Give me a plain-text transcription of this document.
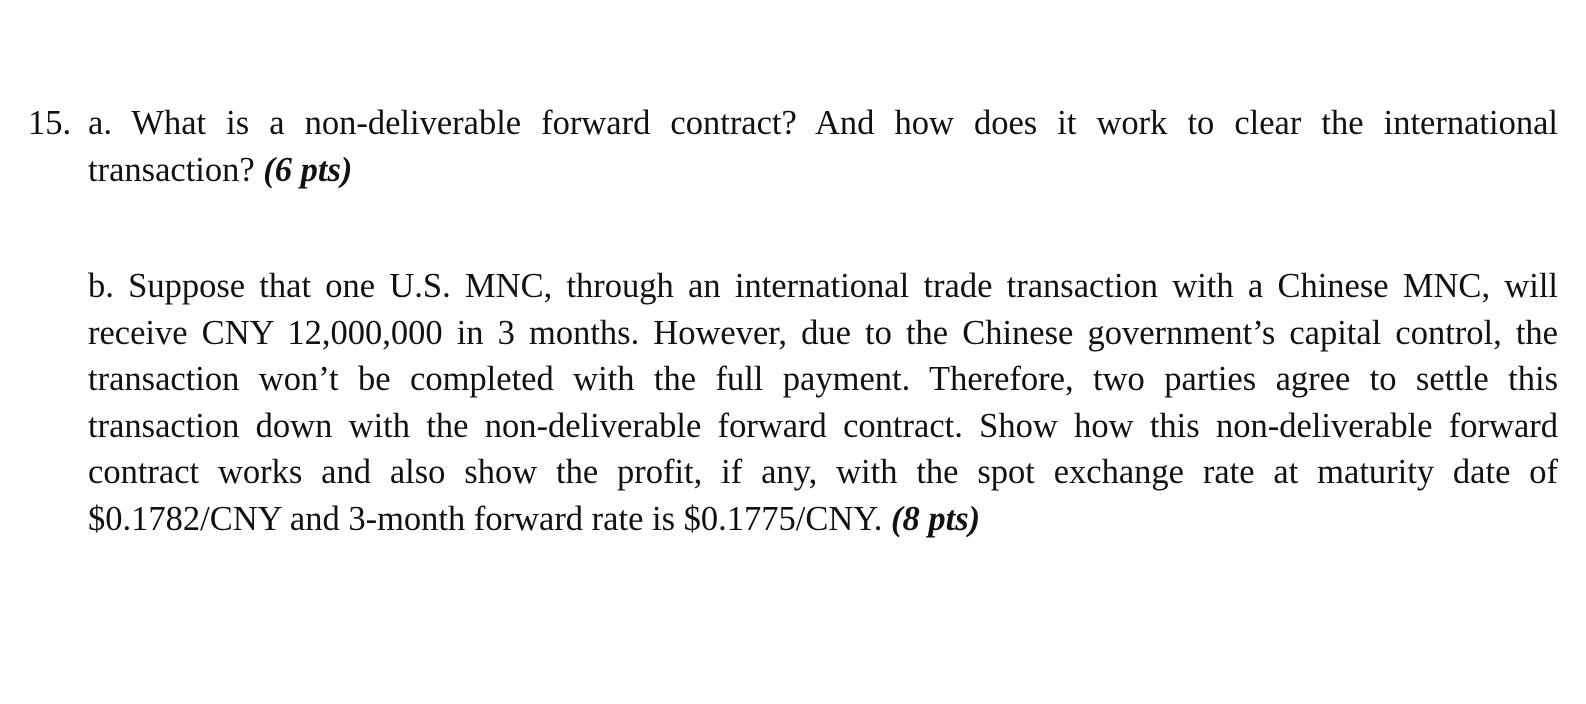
15. a. What is a non-deliverable forward contract? And how does it work to clear the international transaction? (6 pts)
b. Suppose that one U.S. MNC, through an international trade transaction with a Chinese MNC, will receive CNY 12,000,000 in 3 months. However, due to the Chinese government’s capital control, the transaction won’t be completed with the full payment. Therefore, two parties agree to settle this transaction down with the non-deliverable forward contract. Show how this non-deliverable forward contract works and also show the profit, if any, with the spot exchange rate at maturity date of $0.1782/CNY and 3-month forward rate is $0.1775/CNY. (8 pts)
